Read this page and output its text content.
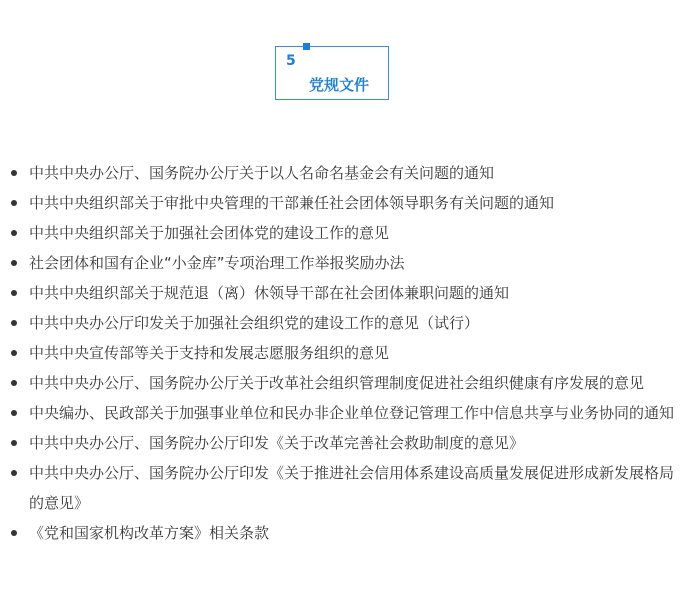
5
党规文件
中共中央办公厅、国务院办公厅关于以人名命名基金会有关问题的通知
中共中央组织部关于审批中央管理的干部兼任社会团体领导职务有关问题的通知
中共中央组织部关于加强社会团体党的建设工作的意见
社会团体和国有企业“小金库”专项治理工作举报奖励办法
中共中央组织部关于规范退（离）休领导干部在社会团体兼职问题的通知
中共中央办公厅印发关于加强社会组织党的建设工作的意见（试行）
中共中央宣传部等关于支持和发展志愿服务组织的意见
中共中央办公厅、国务院办公厅关于改革社会组织管理制度促进社会组织健康有序发展的意见
中央编办、民政部关于加强事业单位和民办非企业单位登记管理工作中信息共享与业务协同的通知
中共中央办公厅、国务院办公厅印发《关于改革完善社会救助制度的意见》
中共中央办公厅、国务院办公厅印发《关于推进社会信用体系建设高质量发展促进形成新发展格局的意见》
《党和国家机构改革方案》相关条款
